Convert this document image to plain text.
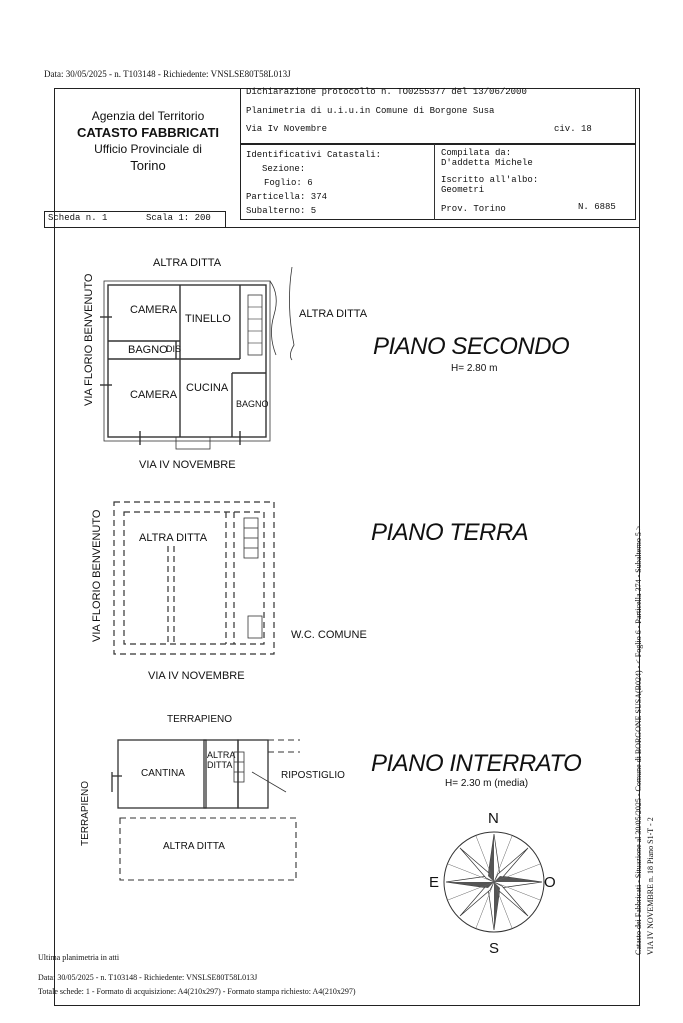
Data: 30/05/2025 - n. T103148 - Richiedente: VNSLSE80T58L013J
Agenzia del Territorio
CATASTO FABBRICATI
Ufficio Provinciale di
Torino
Dichiarazione protocollo n. TO0255377 del 13/06/2000
Planimetria di u.i.u.in Comune di Borgone Susa
Via Iv Novembre	civ. 18
Identificativi Catastali:
Sezione:
Foglio: 6
Particella: 374
Subalterno: 5
Compilata da:
D'addetta Michele
Iscritto all'albo:
Geometri
Prov. Torino	N. 6885
Scheda n. 1	Scala 1: 200
ALTRA DITTA
ALTRA DITTA
CAMERA
TINELLO
BAGNO
DIS
CAMERA
CUCINA
BAGNO
VIA IV NOVEMBRE
VIA FLORIO BENVENUTO	PIANO SECONDO
H= 2.80 m
ALTRA DITTA
W.C. COMUNE
VIA IV NOVEMBRE
VIA FLORIO BENVENUTO	PIANO TERRA
TERRAPIENO
CANTINA
ALTRA
DITTA
RIPOSTIGLIO
ALTRA DITTA
TERRAPIENO
PIANO INTERRATO
H= 2.30 m (media)
N
S
E	O	Catasto dei Fabbricati - Situazione al 30/05/2025 - Comune di BORGONE SUSA(B024) - < Foglio 6 - Particella 374 - Subalterno 5 > VIA IV NOVEMBRE n. 18 Piano S1-T - 2
Ultima planimetria in atti
Data: 30/05/2025 - n. T103148 - Richiedente: VNSLSE80T58L013J
Totale schede: 1 - Formato di acquisizione: A4(210x297) - Formato stampa richiesto: A4(210x297)
